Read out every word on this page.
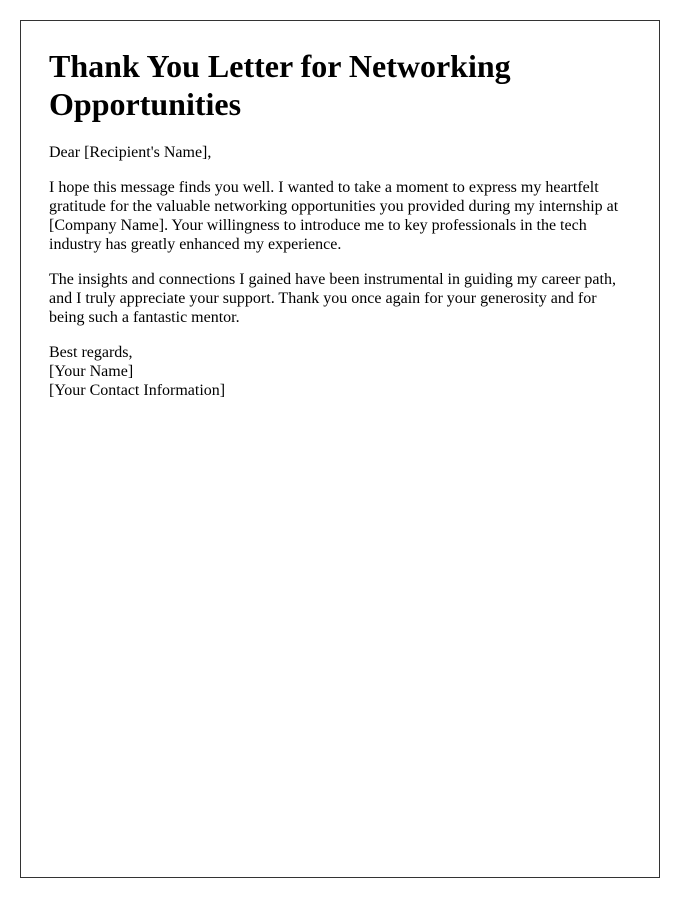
Thank You Letter for Networking Opportunities

Dear [Recipient's Name],

I hope this message finds you well. I wanted to take a moment to express my heartfelt gratitude for the valuable networking opportunities you provided during my internship at [Company Name]. Your willingness to introduce me to key professionals in the tech industry has greatly enhanced my experience.

The insights and connections I gained have been instrumental in guiding my career path, and I truly appreciate your support. Thank you once again for your generosity and for being such a fantastic mentor.

Best regards,
[Your Name]
[Your Contact Information]
